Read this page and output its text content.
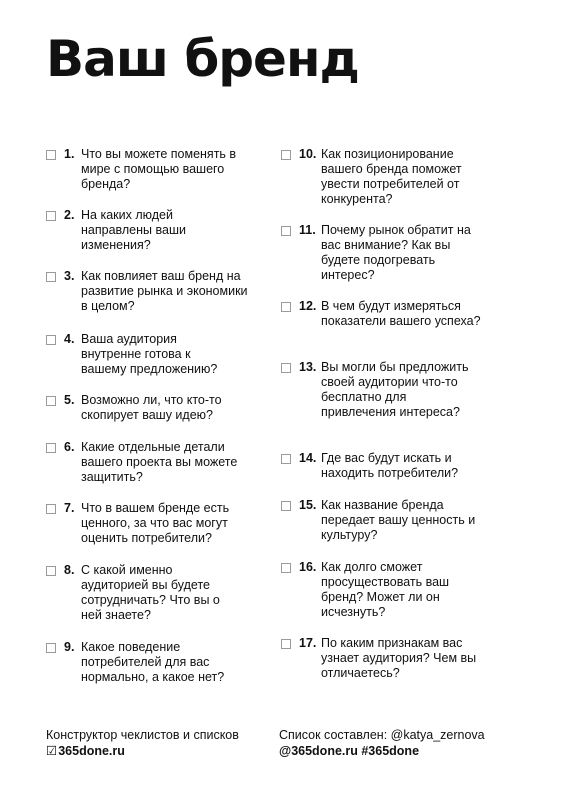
Ваш бренд
1. Что вы можете поменять в мире с помощью вашего бренда?
2. На каких людей направлены ваши изменения?
3. Как повлияет ваш бренд на развитие рынка и экономики в целом?
4. Ваша аудитория внутренне готова к вашему предложению?
5. Возможно ли, что кто-то скопирует вашу идею?
6. Какие отдельные детали вашего проекта вы можете защитить?
7. Что в вашем бренде есть ценного, за что вас могут оценить потребители?
8. С какой именно аудиторией вы будете сотрудничать? Что вы о ней знаете?
9. Какое поведение потребителей для вас нормально, а какое нет?
10. Как позиционирование вашего бренда поможет увести потребителей от конкурента?
11. Почему рынок обратит на вас внимание? Как вы будете подогревать интерес?
12. В чем будут измеряться показатели вашего успеха?
13. Вы могли бы предложить своей аудитории что-то бесплатно для привлечения интереса?
14. Где вас будут искать и находить потребители?
15. Как название бренда передает вашу ценность и культуру?
16. Как долго сможет просуществовать ваш бренд? Может ли он исчезнуть?
17. По каким признакам вас узнает аудитория? Чем вы отличаетесь?
Конструктор чеклистов и списков
☑365done.ru
Список составлен: @katya_zernova
@365done.ru #365done
